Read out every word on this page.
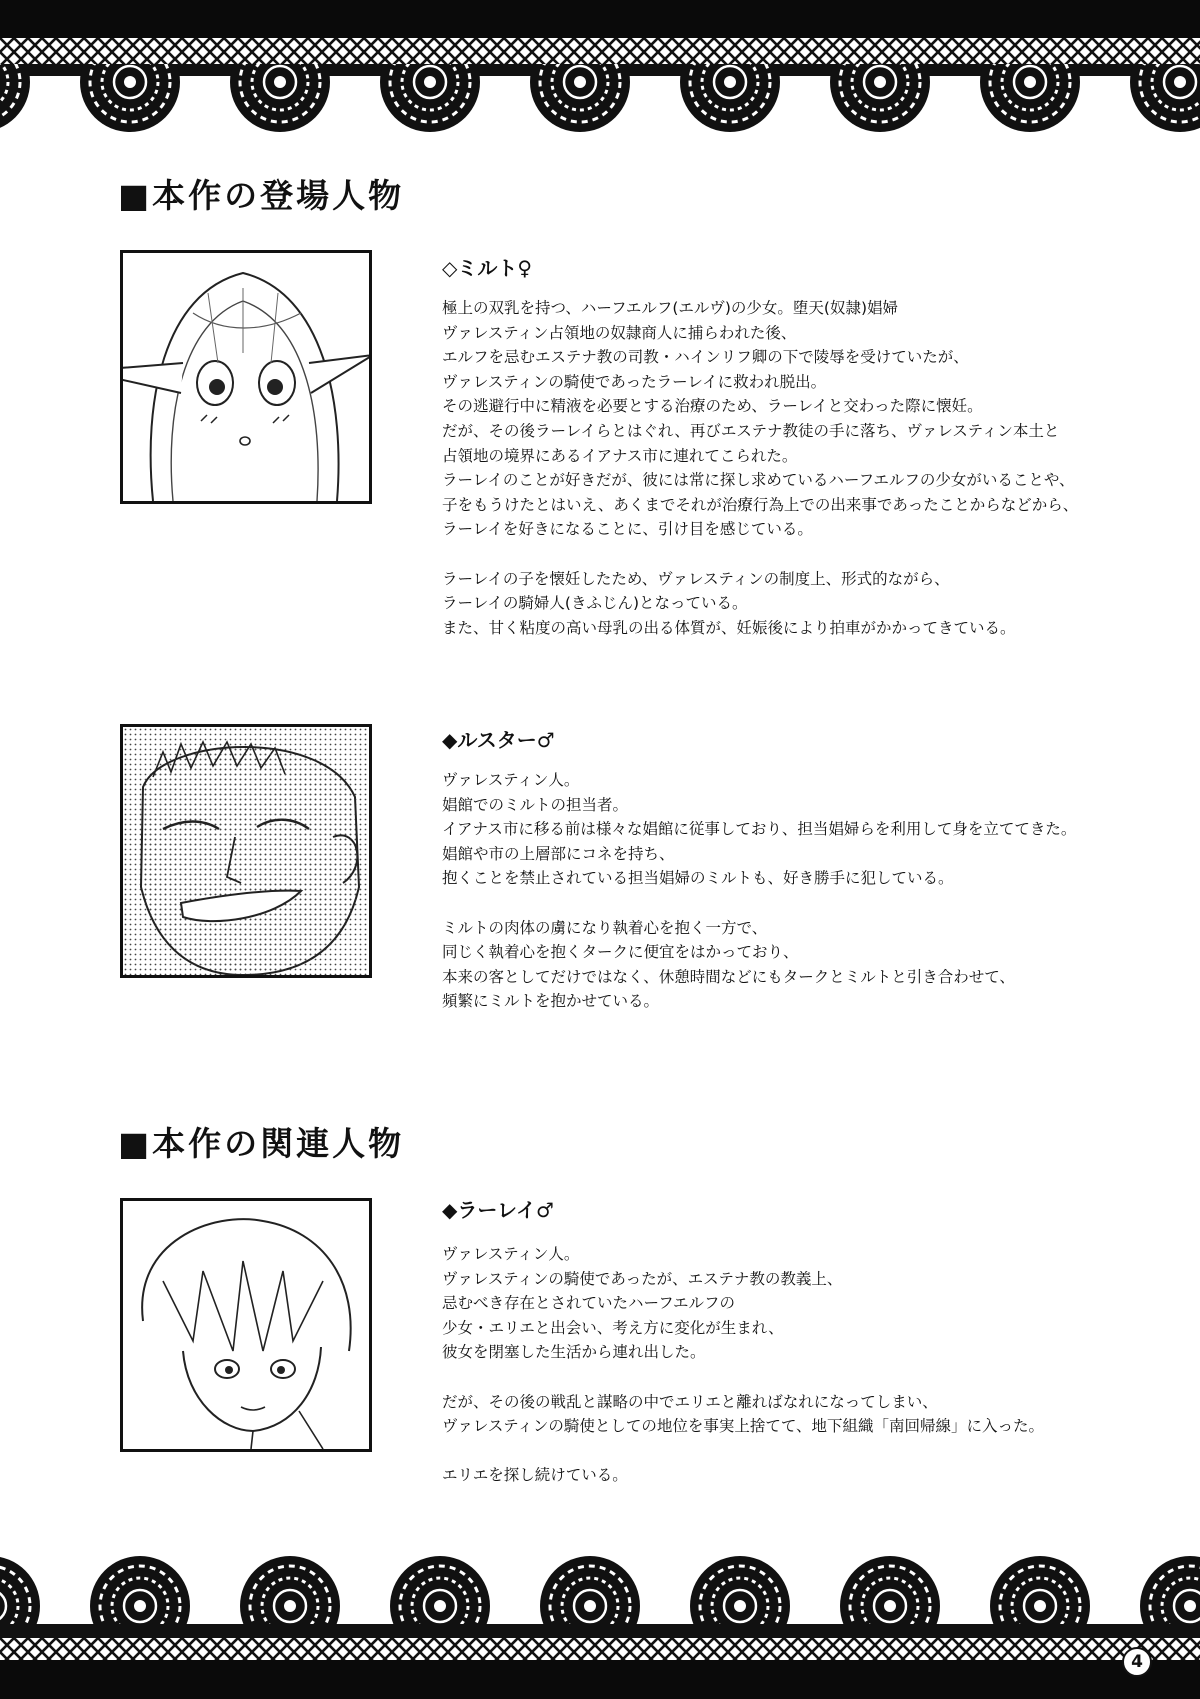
■本作の登場人物
◇ミルト♀
極上の双乳を持つ、ハーフエルフ(エルヴ)の少女。堕天(奴隷)娼婦
ヴァレスティン占領地の奴隷商人に捕らわれた後、
エルフを忌むエステナ教の司教・ハインリフ卿の下で陵辱を受けていたが、
ヴァレスティンの騎使であったラーレイに救われ脱出。
その逃避行中に精液を必要とする治療のため、ラーレイと交わった際に懐妊。
だが、その後ラーレイらとはぐれ、再びエステナ教徒の手に落ち、ヴァレスティン本土と
占領地の境界にあるイアナス市に連れてこられた。
ラーレイのことが好きだが、彼には常に探し求めているハーフエルフの少女がいることや、
子をもうけたとはいえ、あくまでそれが治療行為上での出来事であったことからなどから、
ラーレイを好きになることに、引け目を感じている。
ラーレイの子を懐妊したため、ヴァレスティンの制度上、形式的ながら、
ラーレイの騎婦人(きふじん)となっている。
また、甘く粘度の高い母乳の出る体質が、妊娠後により拍車がかかってきている。
◆ルスター♂
ヴァレスティン人。
娼館でのミルトの担当者。
イアナス市に移る前は様々な娼館に従事しており、担当娼婦らを利用して身を立ててきた。
娼館や市の上層部にコネを持ち、
抱くことを禁止されている担当娼婦のミルトも、好き勝手に犯している。
ミルトの肉体の虜になり執着心を抱く一方で、
同じく執着心を抱くタークに便宜をはかっており、
本来の客としてだけではなく、休憩時間などにもタークとミルトと引き合わせて、
頻繁にミルトを抱かせている。
■本作の関連人物
◆ラーレイ♂
ヴァレスティン人。
ヴァレスティンの騎使であったが、エステナ教の教義上、
忌むべき存在とされていたハーフエルフの
少女・エリエと出会い、考え方に変化が生まれ、
彼女を閉塞した生活から連れ出した。
だが、その後の戦乱と謀略の中でエリエと離ればなれになってしまい、
ヴァレスティンの騎使としての地位を事実上捨てて、地下組織「南回帰線」に入った。
エリエを探し続けている。
4
